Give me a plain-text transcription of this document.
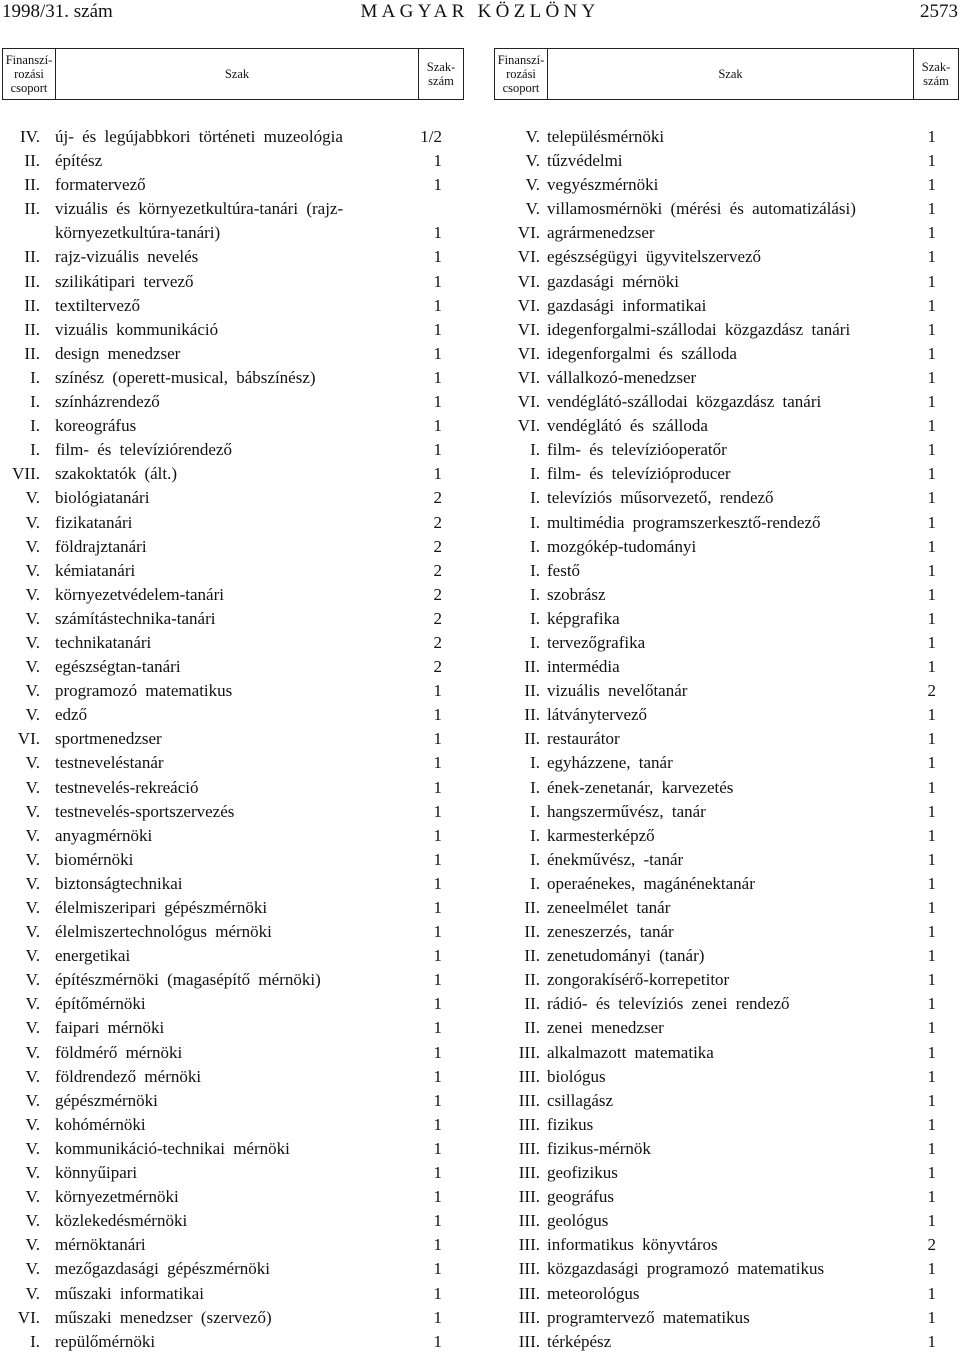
1998/31. szám	MAGYAR KÖZLÖNY	2573
Finanszí-
rozási
csoport	Szak	Szak-
szám
Finanszí-
rozási
csoport	Szak	Szak-
szám
IV. új- és legújabbkori történeti muzeológia	1/2
II. építész	1
II. formatervező	1
II. vizuális és környezetkultúra-tanári (rajz-
környezetkultúra-tanári)	1
II. rajz-vizuális nevelés	1
II. szilikátipari tervező	1
II. textiltervező	1
II. vizuális kommunikáció	1
II. design menedzser	1
I. színész (operett-musical, bábszínész)	1
I. színházrendező	1
I. koreográfus	1
I. film- és televíziórendező	1
VII. szakoktatók (ált.)	1
V. biológiatanári	2
V. fizikatanári	2
V. földrajztanári	2
V. kémiatanári	2
V. környezetvédelem-tanári	2
V. számítástechnika-tanári	2
V. technikatanári	2
V. egészségtan-tanári	2
V. programozó matematikus	1
V. edző	1
VI. sportmenedzser	1
V. testneveléstanár	1
V. testnevelés-rekreáció	1
V. testnevelés-sportszervezés	1
V. anyagmérnöki	1
V. biomérnöki	1
V. biztonságtechnikai	1
V. élelmiszeripari gépészmérnöki	1
V. élelmiszertechnológus mérnöki	1
V. energetikai	1
V. építészmérnöki (magasépítő mérnöki)	1
V. építőmérnöki	1
V. faipari mérnöki	1
V. földmérő mérnöki	1
V. földrendező mérnöki	1
V. gépészmérnöki	1
V. kohómérnöki	1
V. kommunikáció-technikai mérnöki	1
V. könnyűipari	1
V. környezetmérnöki	1
V. közlekedésmérnöki	1
V. mérnöktanári	1
V. mezőgazdasági gépészmérnöki	1
V. műszaki informatikai	1
VI. műszaki menedzser (szervező)	1
I. repülőmérnöki	1
V. településmérnöki	1
V. tűzvédelmi	1
V. vegyészmérnöki	1
V. villamosmérnöki (mérési és automatizálási)	1
VI. agrármenedzser	1
VI. egészségügyi ügyvitelszervező	1
VI. gazdasági mérnöki	1
VI. gazdasági informatikai	1
VI. idegenforgalmi-szállodai közgazdász tanári	1
VI. idegenforgalmi és szálloda	1
VI. vállalkozó-menedzser	1
VI. vendéglátó-szállodai közgazdász tanári	1
VI. vendéglátó és szálloda	1
I. film- és televízióoperatőr	1
I. film- és televízióproducer	1
I. televíziós műsorvezető, rendező	1
I. multimédia programszerkesztő-rendező	1
I. mozgókép-tudományi	1
I. festő	1
I. szobrász	1
I. képgrafika	1
I. tervezőgrafika	1
II. intermédia	1
II. vizuális nevelőtanár	2
II. látványtervező	1
II. restaurátor	1
I. egyházzene, tanár	1
I. ének-zenetanár, karvezetés	1
I. hangszerművész, tanár	1
I. karmesterképző	1
I. énekművész, -tanár	1
I. operaénekes, magánénektanár	1
II. zeneelmélet tanár	1
II. zeneszerzés, tanár	1
II. zenetudományi (tanár)	1
II. zongorakísérő-korrepetitor	1
II. rádió- és televíziós zenei rendező	1
II. zenei menedzser	1
III. alkalmazott matematika	1
III. biológus	1
III. csillagász	1
III. fizikus	1
III. fizikus-mérnök	1
III. geofizikus	1
III. geográfus	1
III. geológus	1
III. informatikus könyvtáros	2
III. közgazdasági programozó matematikus	1
III. meteorológus	1
III. programtervező matematikus	1
III. térképész	1
